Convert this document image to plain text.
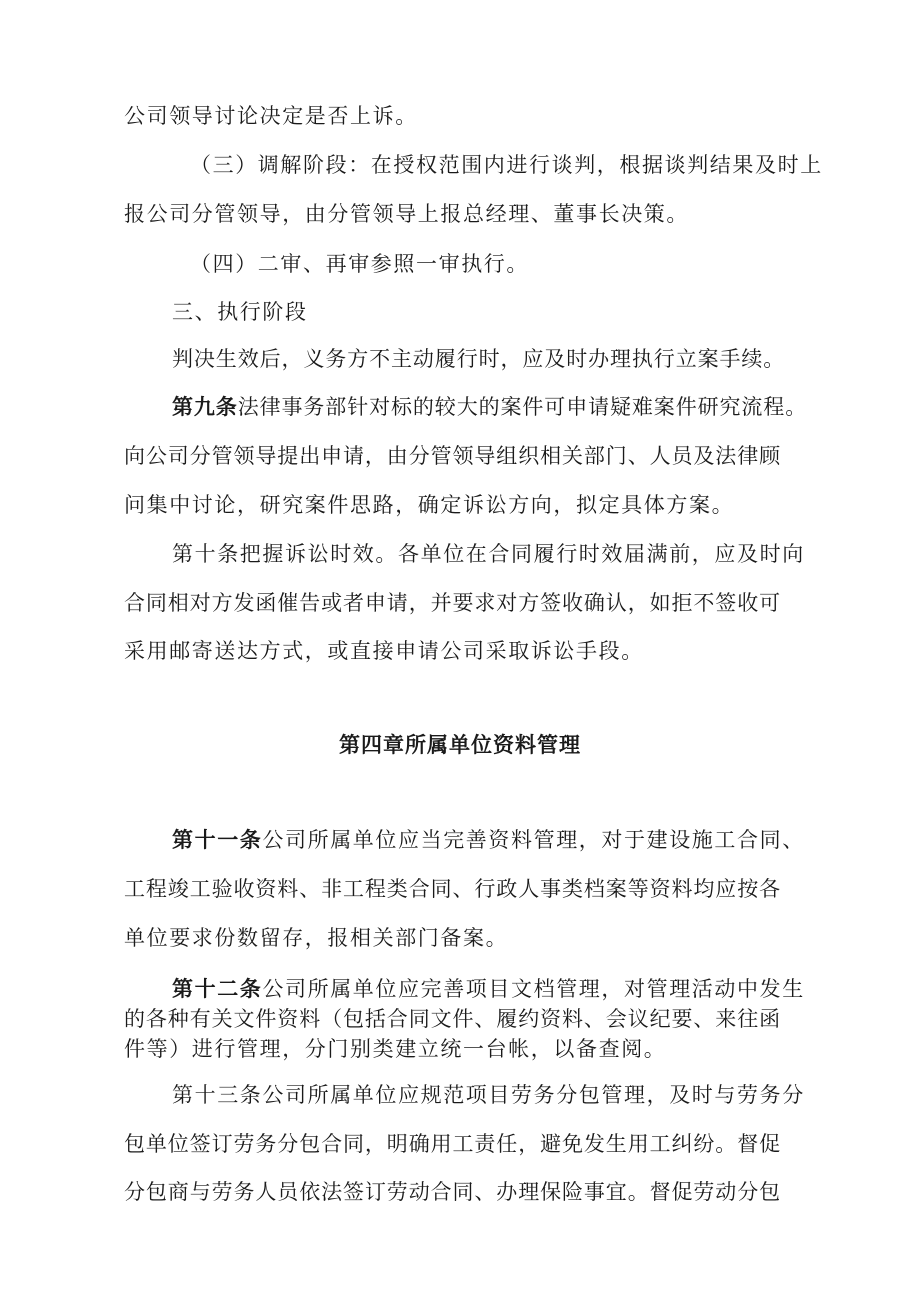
公司领导讨论决定是否上诉。
（三）调解阶段：在授权范围内进行谈判，根据谈判结果及时上
报公司分管领导，由分管领导上报总经理、董事长决策。
（四）二审、再审参照一审执行。
三、执行阶段
判决生效后，义务方不主动履行时，应及时办理执行立案手续。
第九条法律事务部针对标的较大的案件可申请疑难案件研究流程。
向公司分管领导提出申请，由分管领导组织相关部门、人员及法律顾
问集中讨论，研究案件思路，确定诉讼方向，拟定具体方案。
第十条把握诉讼时效。各单位在合同履行时效届满前，应及时向
合同相对方发函催告或者申请，并要求对方签收确认，如拒不签收可
采用邮寄送达方式，或直接申请公司采取诉讼手段。
第四章所属单位资料管理
第十一条公司所属单位应当完善资料管理，对于建设施工合同、
工程竣工验收资料、非工程类合同、行政人事类档案等资料均应按各
单位要求份数留存，报相关部门备案。
第十二条公司所属单位应完善项目文档管理，对管理活动中发生
的各种有关文件资料（包括合同文件、履约资料、会议纪要、来往函
件等）进行管理，分门别类建立统一台帐，以备查阅。
第十三条公司所属单位应规范项目劳务分包管理，及时与劳务分
包单位签订劳务分包合同，明确用工责任，避免发生用工纠纷。督促
分包商与劳务人员依法签订劳动合同、办理保险事宜。督促劳动分包
